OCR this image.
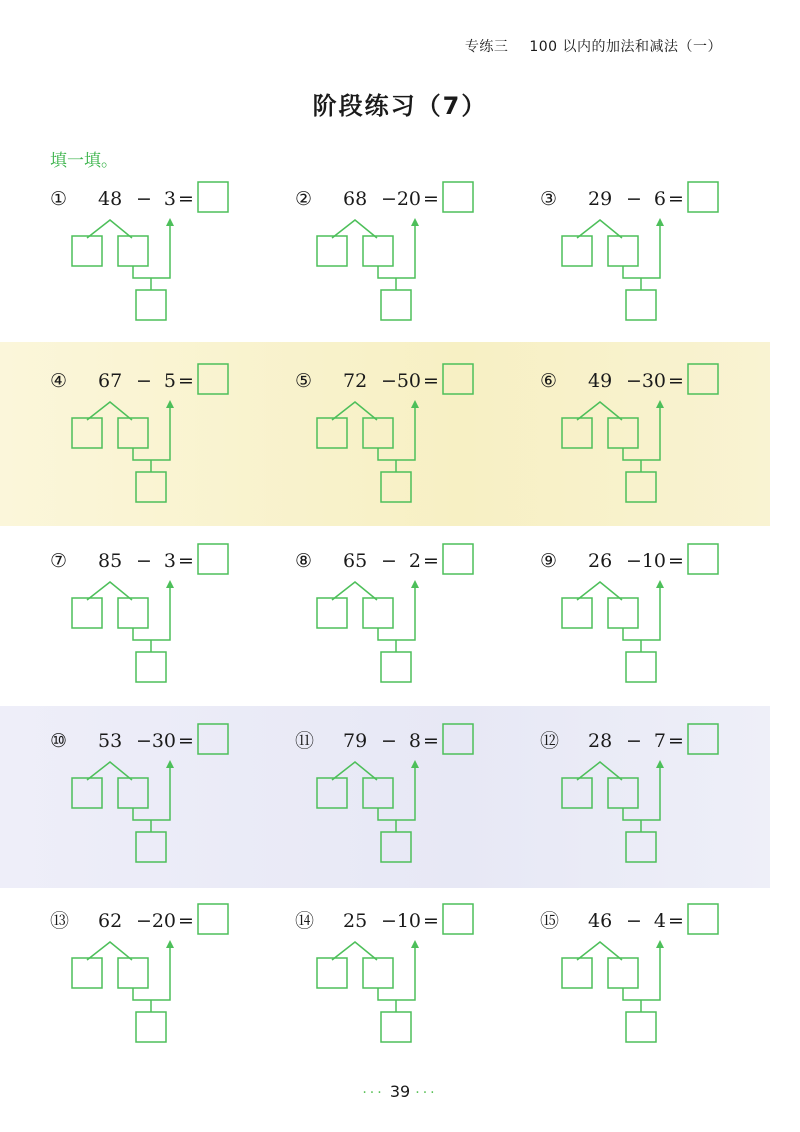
专练三 100 以内的加法和减法（一）
阶段练习（7）
填一填。
① 48 − 3 =	② 68 − 20 =	③ 29 − 6 =
④ 67 − 5 =	⑤ 72 − 50 =	⑥ 49 − 30 =
⑦ 85 − 3 =	⑧ 65 − 2 =	⑨ 26 − 10 =
⑩ 53 − 30 =	⑪ 79 − 8 =	⑫ 28 − 7 =
⑬ 62 − 20 =	⑭ 25 − 10 =	⑮ 46 − 4 =
··· 39 ···
